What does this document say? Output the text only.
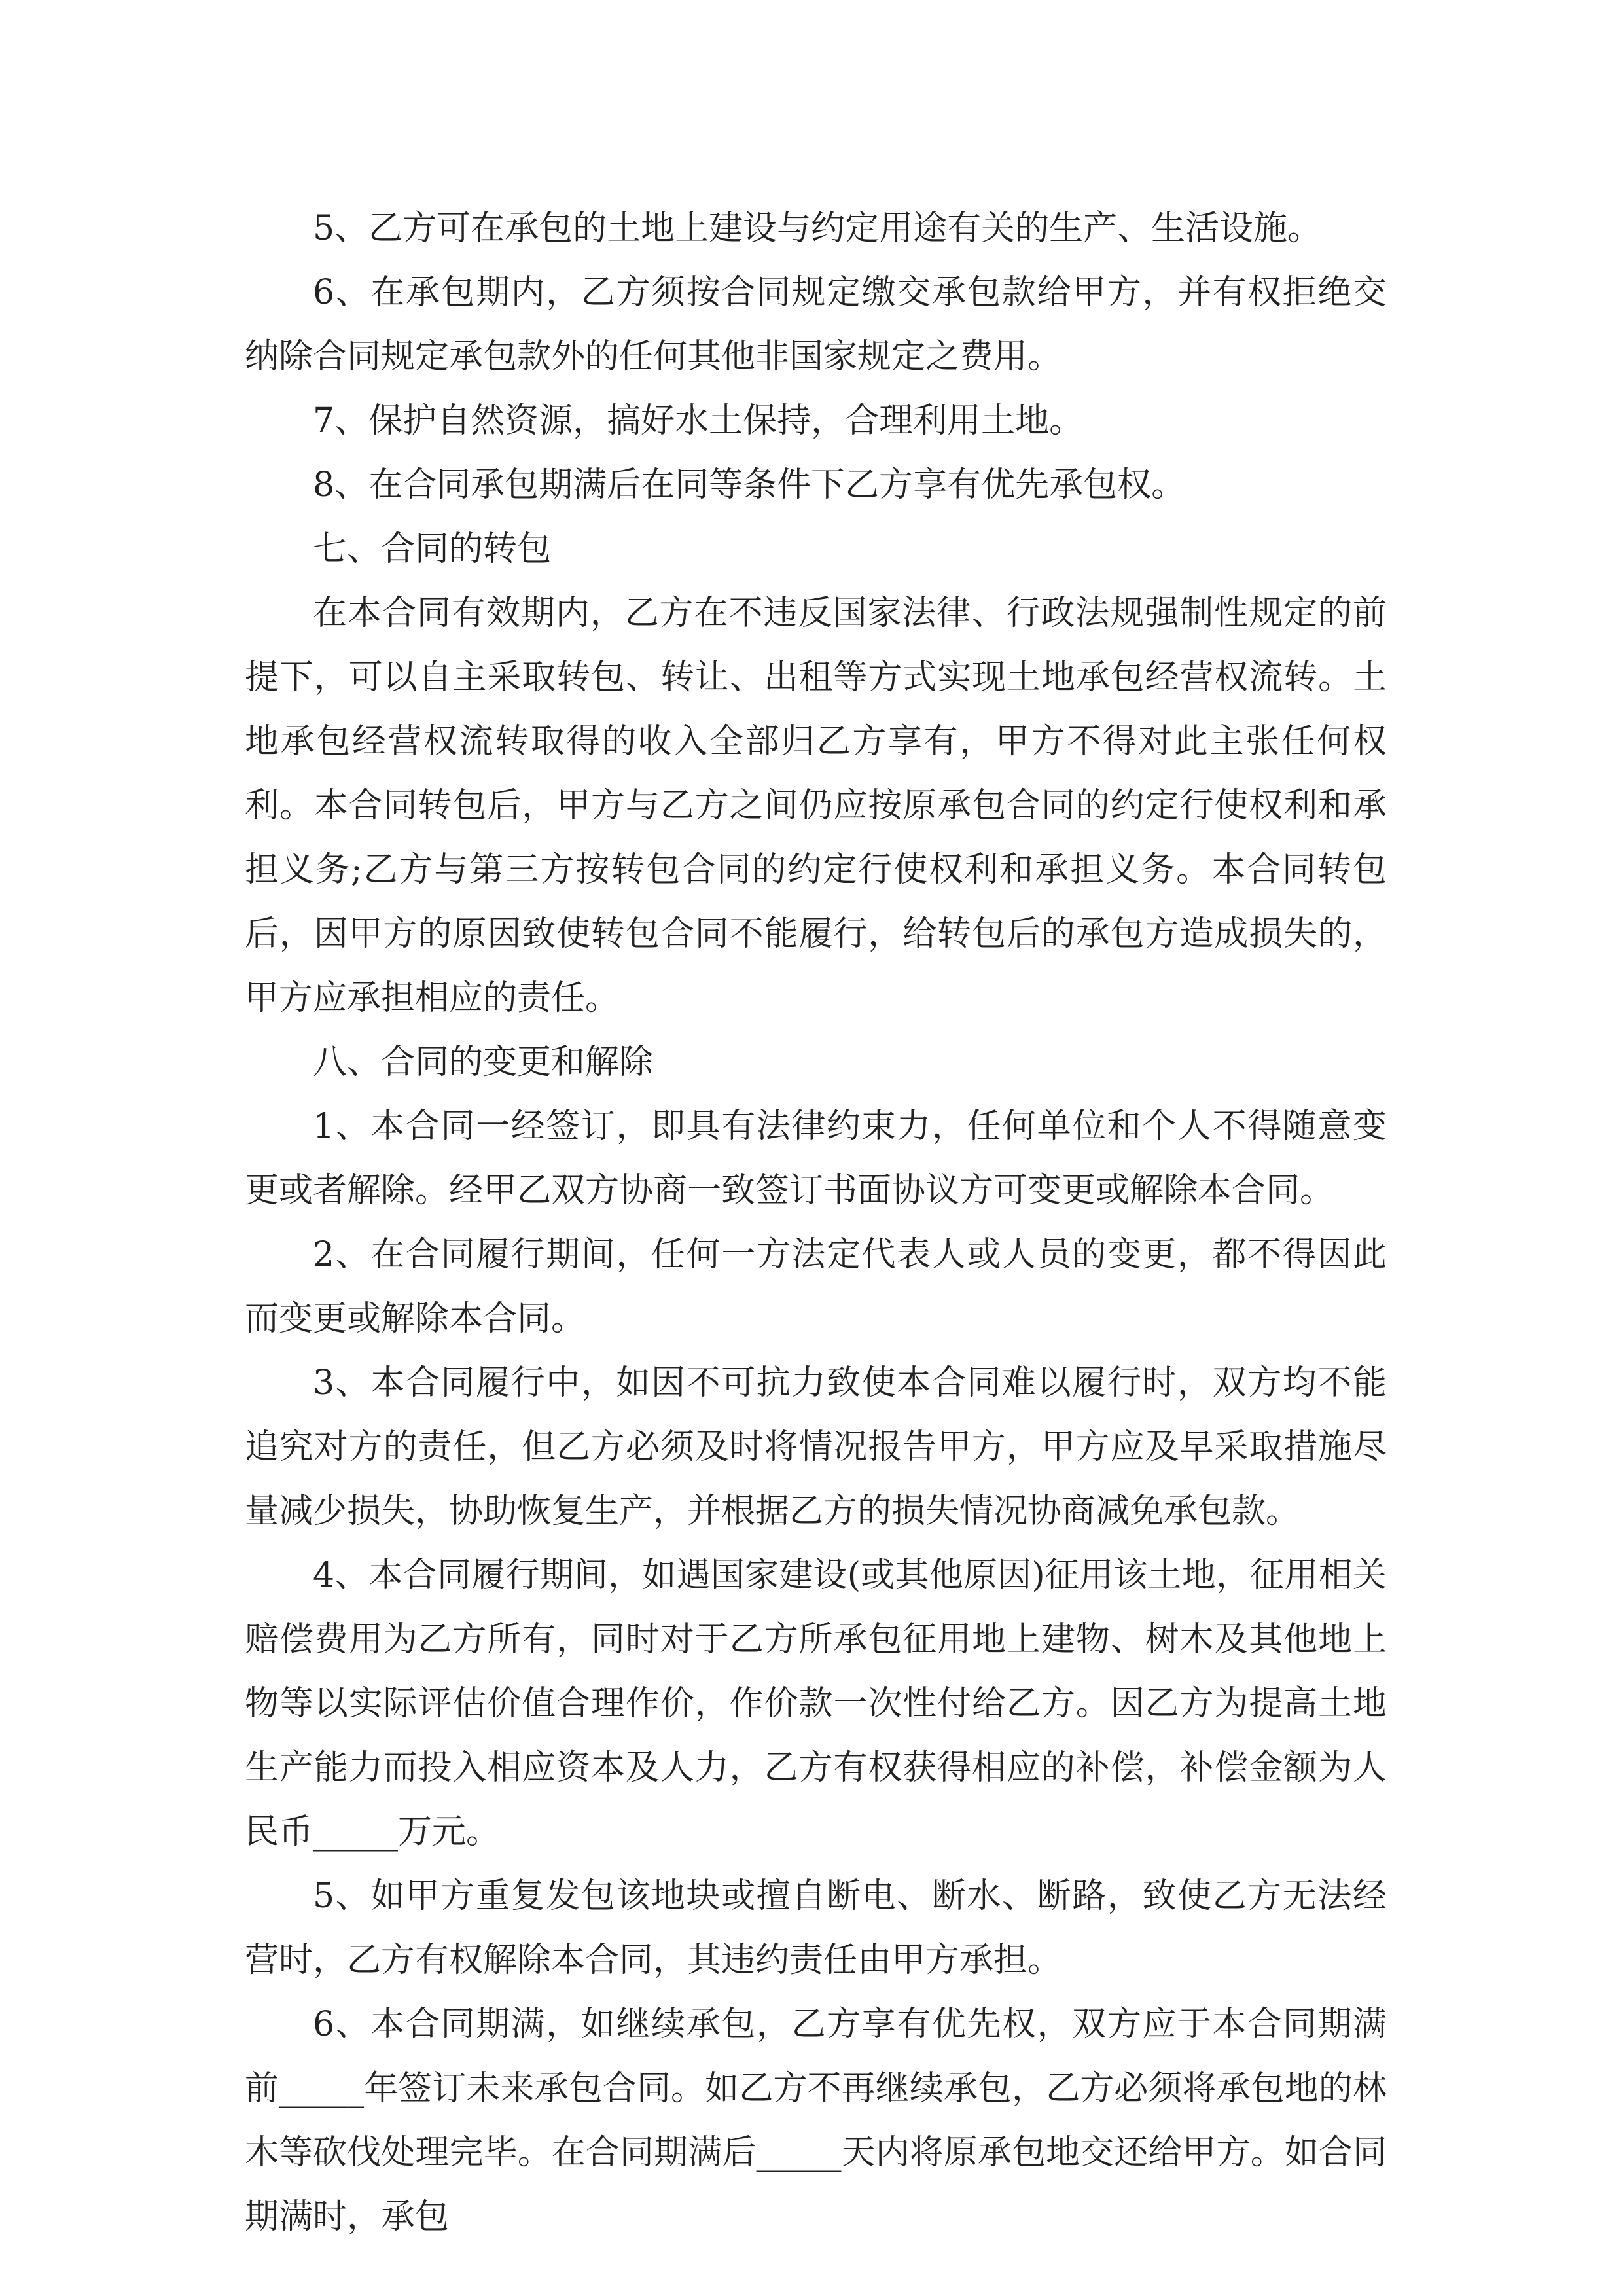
5、乙方可在承包的土地上建设与约定用途有关的生产、生活设施。

6、在承包期内，乙方须按合同规定缴交承包款给甲方，并有权拒绝交纳除合同规定承包款外的任何其他非国家规定之费用。

7、保护自然资源，搞好水土保持，合理利用土地。

8、在合同承包期满后在同等条件下乙方享有优先承包权。

七、合同的转包

在本合同有效期内，乙方在不违反国家法律、行政法规强制性规定的前提下，可以自主采取转包、转让、出租等方式实现土地承包经营权流转。土地承包经营权流转取得的收入全部归乙方享有，甲方不得对此主张任何权利。本合同转包后，甲方与乙方之间仍应按原承包合同的约定行使权利和承担义务;乙方与第三方按转包合同的约定行使权利和承担义务。本合同转包后，因甲方的原因致使转包合同不能履行，给转包后的承包方造成损失的，甲方应承担相应的责任。

八、合同的变更和解除

1、本合同一经签订，即具有法律约束力，任何单位和个人不得随意变更或者解除。经甲乙双方协商一致签订书面协议方可变更或解除本合同。

2、在合同履行期间，任何一方法定代表人或人员的变更，都不得因此而变更或解除本合同。

3、本合同履行中，如因不可抗力致使本合同难以履行时，双方均不能追究对方的责任，但乙方必须及时将情况报告甲方，甲方应及早采取措施尽量减少损失，协助恢复生产，并根据乙方的损失情况协商减免承包款。

4、本合同履行期间，如遇国家建设(或其他原因)征用该土地，征用相关赔偿费用为乙方所有，同时对于乙方所承包征用地上建物、树木及其他地上物等以实际评估价值合理作价，作价款一次性付给乙方。因乙方为提高土地生产能力而投入相应资本及人力，乙方有权获得相应的补偿，补偿金额为人民币_____万元。

5、如甲方重复发包该地块或擅自断电、断水、断路，致使乙方无法经营时，乙方有权解除本合同，其违约责任由甲方承担。

6、本合同期满，如继续承包，乙方享有优先权，双方应于本合同期满前_____年签订未来承包合同。如乙方不再继续承包，乙方必须将承包地的林木等砍伐处理完毕。在合同期满后_____天内将原承包地交还给甲方。如合同期满时，承包
